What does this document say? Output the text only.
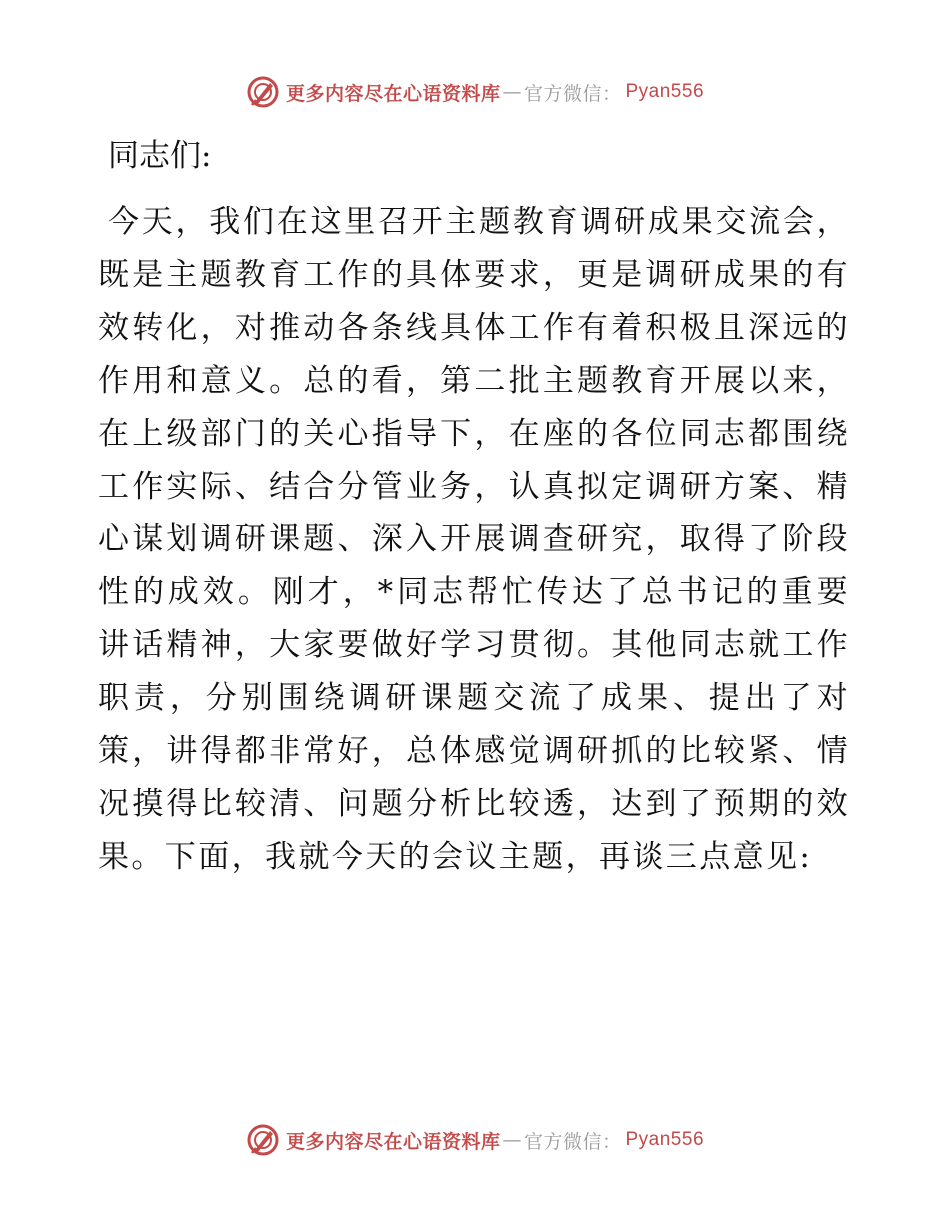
更多内容尽在心语资料库 — 官方微信： Pyan556
同志们:

今天，我们在这里召开主题教育调研成果交流会，既是主题教育工作的具体要求，更是调研成果的有效转化，对推动各条线具体工作有着积极且深远的作用和意义。总的看，第二批主题教育开展以来，在上级部门的关心指导下，在座的各位同志都围绕工作实际、结合分管业务，认真拟定调研方案、精心谋划调研课题、深入开展调查研究，取得了阶段性的成效。刚才，*同志帮忙传达了总书记的重要讲话精神，大家要做好学习贯彻。其他同志就工作职责，分别围绕调研课题交流了成果、提出了对策，讲得都非常好，总体感觉调研抓的比较紧、情况摸得比较清、问题分析比较透，达到了预期的效果。下面，我就今天的会议主题，再谈三点意见:

更多内容尽在心语资料库 — 官方微信： Pyan556
